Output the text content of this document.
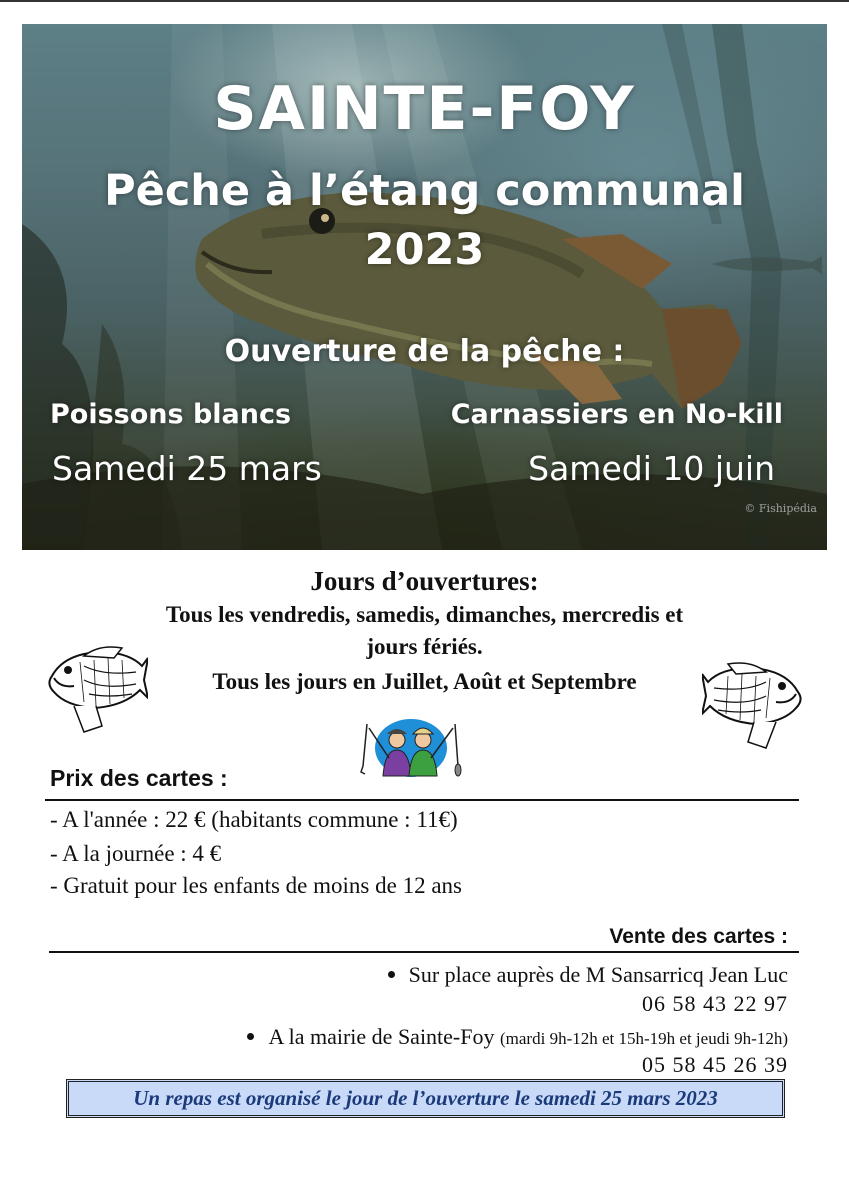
SAINTE-FOY
Pêche à l’étang communal
2023
Ouverture de la pêche :
Poissons blancs	Carnassiers en No-kill
Samedi 25 mars	Samedi 10 juin
© Fishipédia
Jours d’ouvertures:
Tous les vendredis, samedis, dimanches, mercredis et
jours fériés.
Tous les jours en Juillet, Août et Septembre
Prix des cartes :
- A l'année : 22 € (habitants commune : 11€)
- A la journée : 4 €
- Gratuit pour les enfants de moins de 12 ans
Vente des cartes :
Sur place auprès de M Sansarricq Jean Luc
06 58 43 22 97
A la mairie de Sainte-Foy (mardi 9h-12h et 15h-19h et jeudi 9h-12h)
05 58 45 26 39
Un repas est organisé le jour de l’ouverture le samedi 25 mars 2023
